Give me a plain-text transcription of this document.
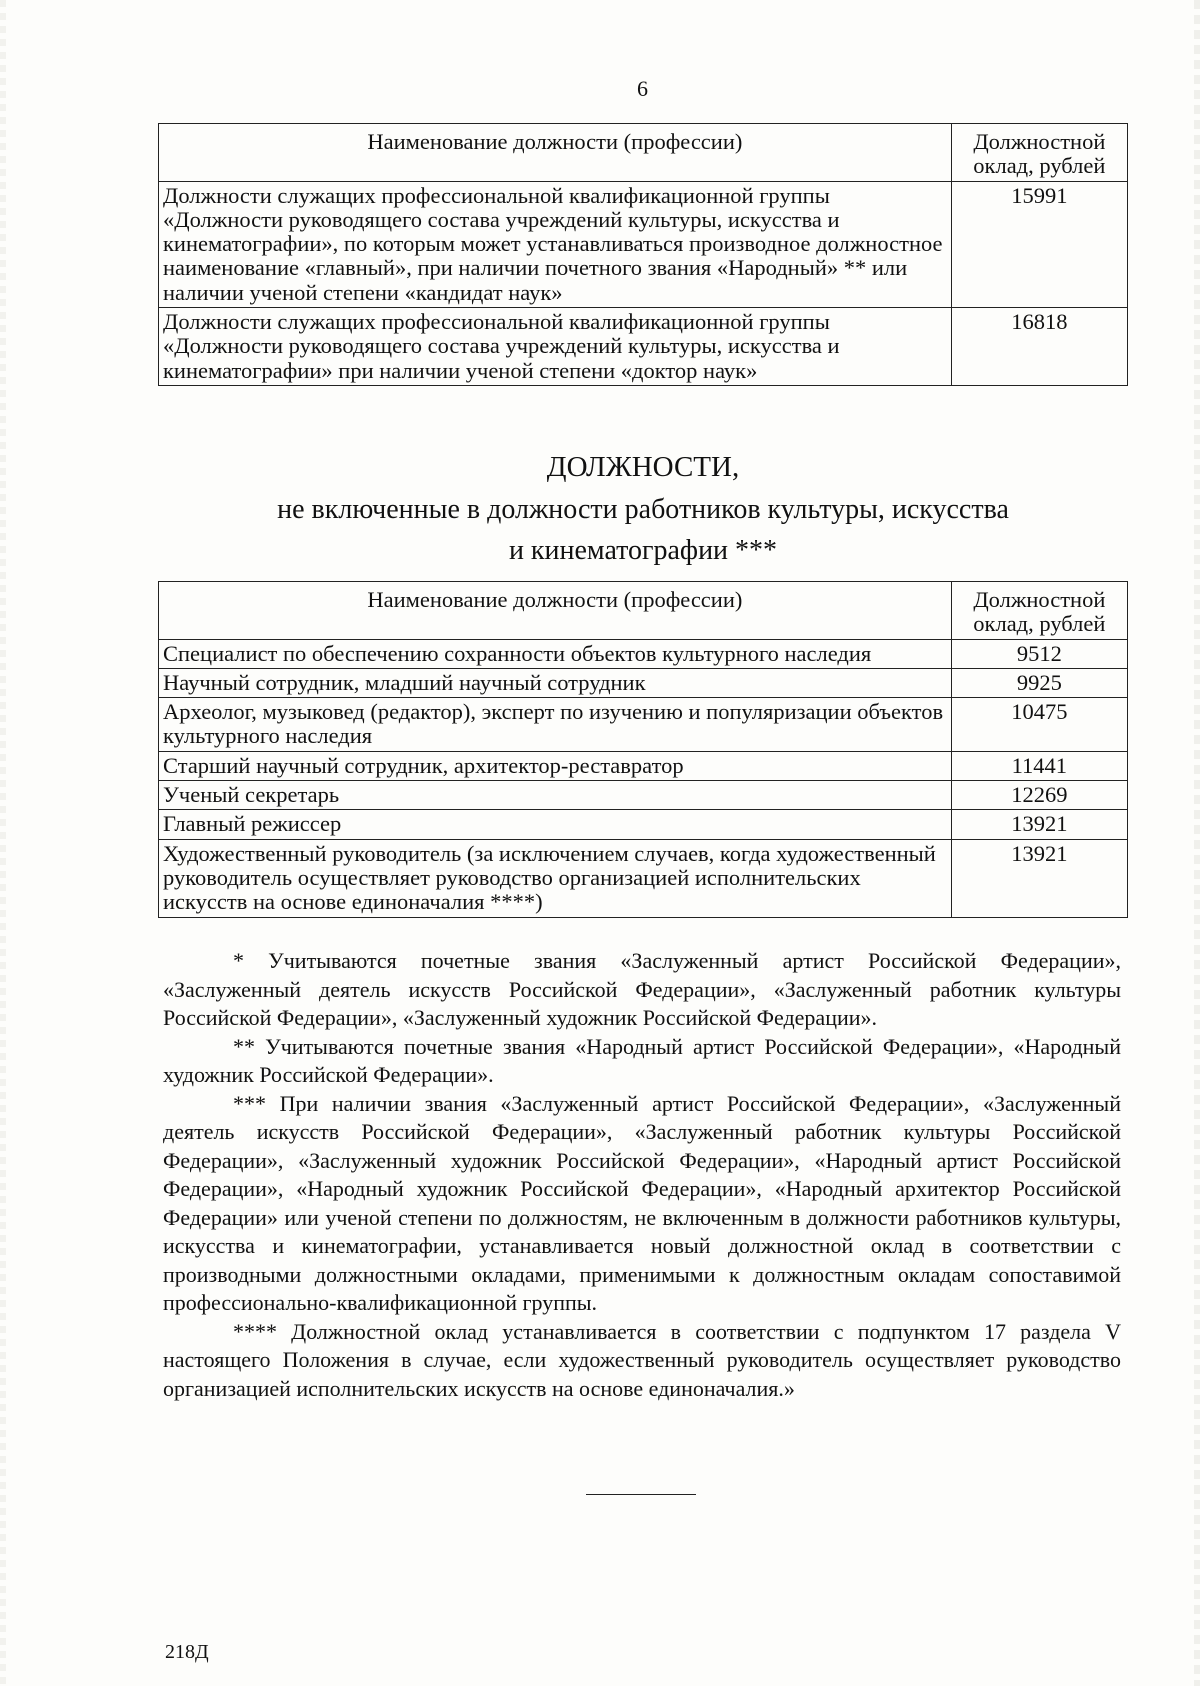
6
Наименование должности (профессии)	Должностной оклад, рублей
Должности служащих профессиональной квалификационной группы «Должности руководящего состава учреждений культуры, искусства и кинематографии», по которым может устанавливаться производное должностное наименование «главный», при наличии почетного звания «Народный» ** или наличии ученой степени «кандидат наук»	15991
Должности служащих профессиональной квалификационной группы «Должности руководящего состава учреждений культуры, искусства и кинематографии» при наличии ученой степени «доктор наук»	16818
ДОЛЖНОСТИ,
не включенные в должности работников культуры, искусства
и кинематографии ***
Наименование должности (профессии)	Должностной оклад, рублей
Специалист по обеспечению сохранности объектов культурного наследия	9512
Научный сотрудник, младший научный сотрудник	9925
Археолог, музыковед (редактор), эксперт по изучению и популяризации объектов культурного наследия	10475
Старший научный сотрудник, архитектор-реставратор	11441
Ученый секретарь	12269
Главный режиссер	13921
Художественный руководитель (за исключением случаев, когда художественный руководитель осуществляет руководство организацией исполнительских искусств на основе единоначалия ****)	13921

* Учитываются почетные звания «Заслуженный артист Российской Федерации», «Заслуженный деятель искусств Российской Федерации», «Заслуженный работник культуры Российской Федерации», «Заслуженный художник Российской Федерации».

** Учитываются почетные звания «Народный артист Российской Федерации», «Народный художник Российской Федерации».

*** При наличии звания «Заслуженный артист Российской Федерации», «Заслуженный деятель искусств Российской Федерации», «Заслуженный работник культуры Российской Федерации», «Заслуженный художник Российской Федерации», «Народный артист Российской Федерации», «Народный художник Российской Федерации», «Народный архитектор Российской Федерации» или ученой степени по должностям, не включенным в должности работников культуры, искусства и кинематографии, устанавливается новый должностной оклад в соответствии с производными должностными окладами, применимыми к должностным окладам сопоставимой профессионально-квалификационной группы.

**** Должностной оклад устанавливается в соответствии с подпунктом 17 раздела V настоящего Положения в случае, если художественный руководитель осуществляет руководство организацией исполнительских искусств на основе единоначалия.»

218Д
